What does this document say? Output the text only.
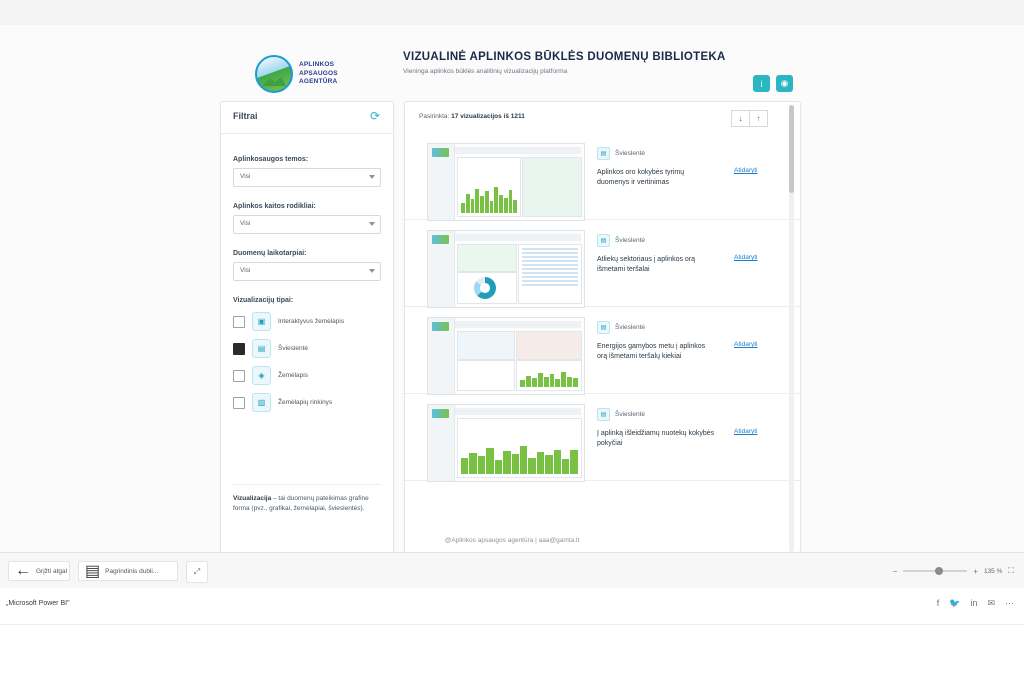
APLINKOS
APSAUGOS
AGENTŪRA
VIZUALINĖ APLINKOS BŪKLĖS DUOMENŲ BIBLIOTEKA
Vieninga aplinkos būklės analitinių vizualizacijų platforma
i	◉
Filtrai	⟳
Aplinkosaugos temos:
Visi
Aplinkos kaitos rodikliai:
Visi
Duomenų laikotarpiai:
Visi
Vizualizacijų tipai:
▣	Interaktyvus žemėlapis
▤	Švieslentė
◈	Žemėlapis
▨	Žemėlapių rinkinys
Vizualizacija – tai duomenų pateikimas grafine forma (pvz., grafikai, žemėlapiai, švieslentės).
Pasirinkta: 17 vizualizacijos iš 1211	↓	↑
▤	Švieslentė
Aplinkos oro kokybės tyrimų duomenys ir vertinimas
Atidaryti
▤	Švieslentė
Atliekų sektoriaus į aplinkos orą išmetami teršalai
Atidaryti
▤	Švieslentė
Energijos gamybos metu į aplinkos orą išmetami teršalų kiekiai
Atidaryti
▤	Švieslentė
Į aplinką išleidžiamų nuotekų kokybės pokyčiai
Atidaryti
@Aplinkos apsaugos agentūra | aaa@gamta.lt
← Grįžti atgal ▤ Pagrindinis dubli...	⤢	−	+ 135 % ⛶
„Microsoft Power BI"	f 🐦 in ✉ ⋯
